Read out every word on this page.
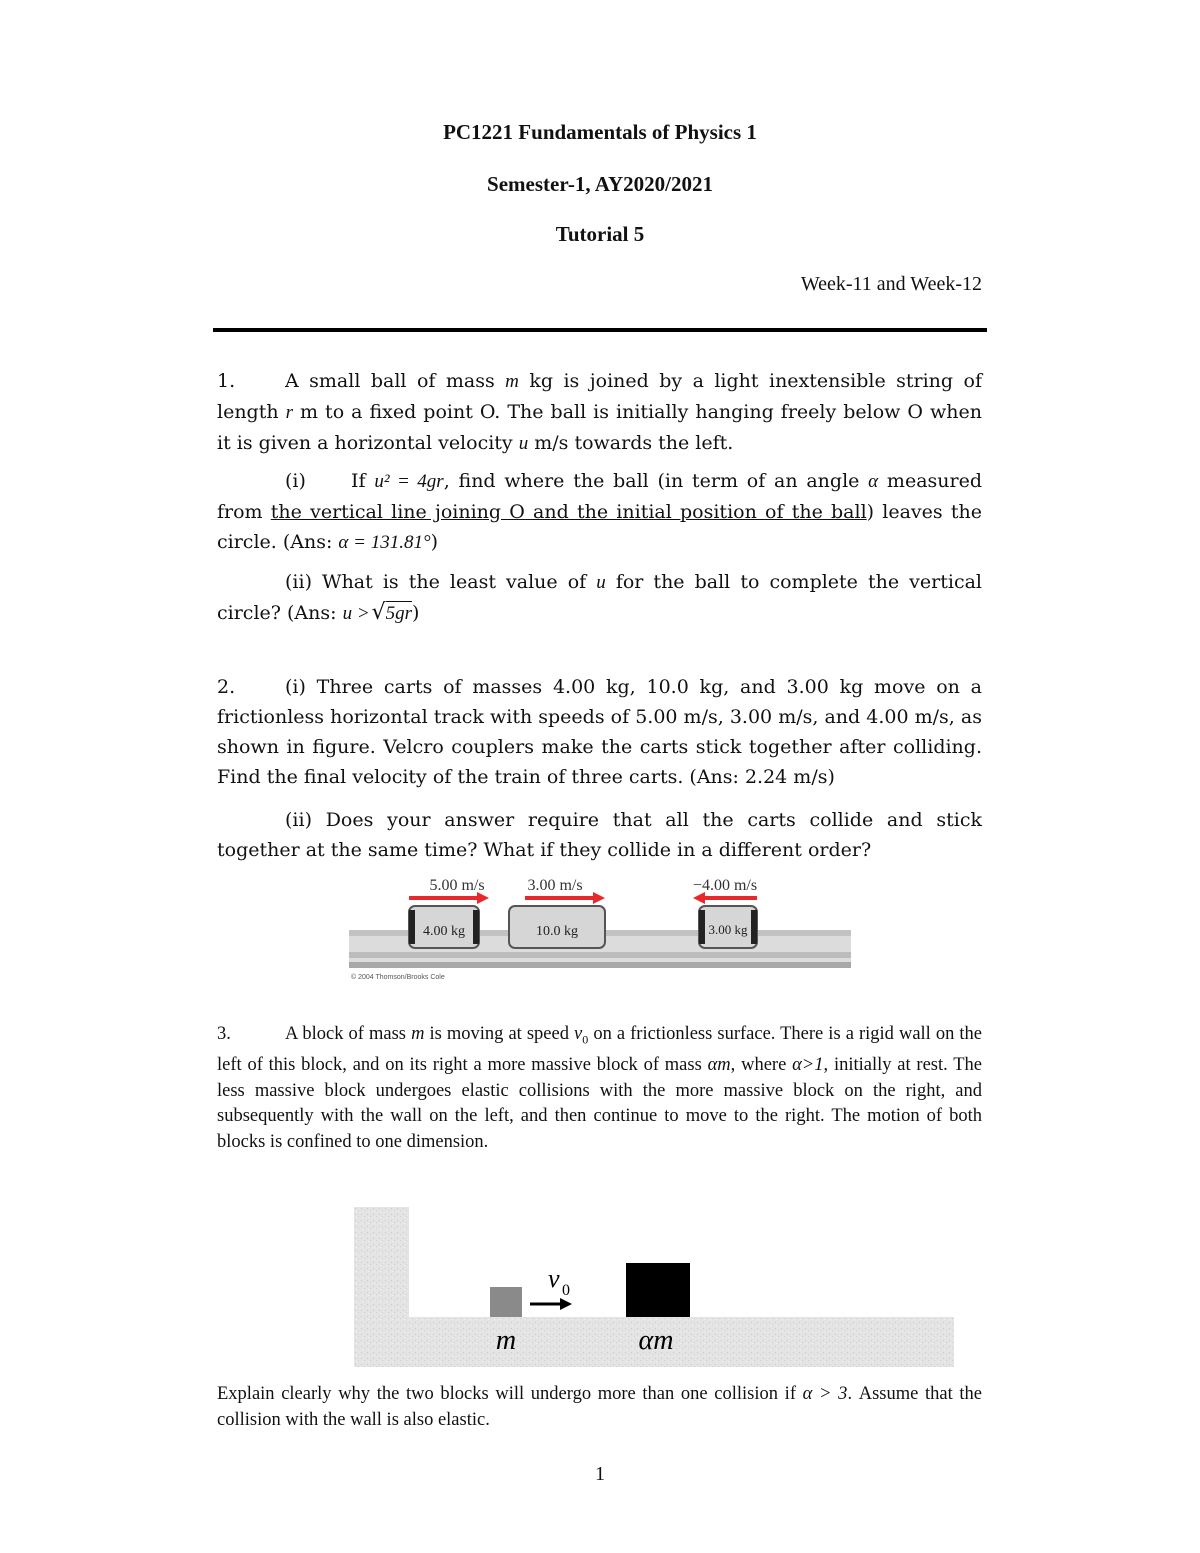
PC1221 Fundamentals of Physics 1
Semester-1, AY2020/2021
Tutorial 5
Week-11 and Week-12
1.	A small ball of mass m kg is joined by a light inextensible string of length r m to a fixed point O. The ball is initially hanging freely below O when it is given a horizontal velocity u m/s towards the left.
(i) If u² = 4gr, find where the ball (in term of an angle α measured from the vertical line joining O and the initial position of the ball) leaves the circle. (Ans: α = 131.81°)
(ii) What is the least value of u for the ball to complete the vertical circle? (Ans: u > √5gr)
2.	(i) Three carts of masses 4.00 kg, 10.0 kg, and 3.00 kg move on a frictionless horizontal track with speeds of 5.00 m/s, 3.00 m/s, and 4.00 m/s, as shown in figure. Velcro couplers make the carts stick together after colliding. Find the final velocity of the train of three carts. (Ans: 2.24 m/s)
(ii) Does your answer require that all the carts collide and stick together at the same time? What if they collide in a different order?
5.00 m/s	3.00 m/s	−4.00 m/s
4.00 kg	10.0 kg	3.00 kg
© 2004 Thomson/Brooks Cole
3.	A block of mass m is moving at speed $v_0$ on a frictionless surface. There is a rigid wall on the left of this block, and on its right a more massive block of mass αm, where α>1, initially at rest. The less massive block undergoes elastic collisions with the more massive block on the right, and subsequently with the wall on the left, and then continue to move to the right. The motion of both blocks is confined to one dimension.
v 0
m	αm
Explain clearly why the two blocks will undergo more than one collision if α > 3. Assume that the collision with the wall is also elastic.
1
